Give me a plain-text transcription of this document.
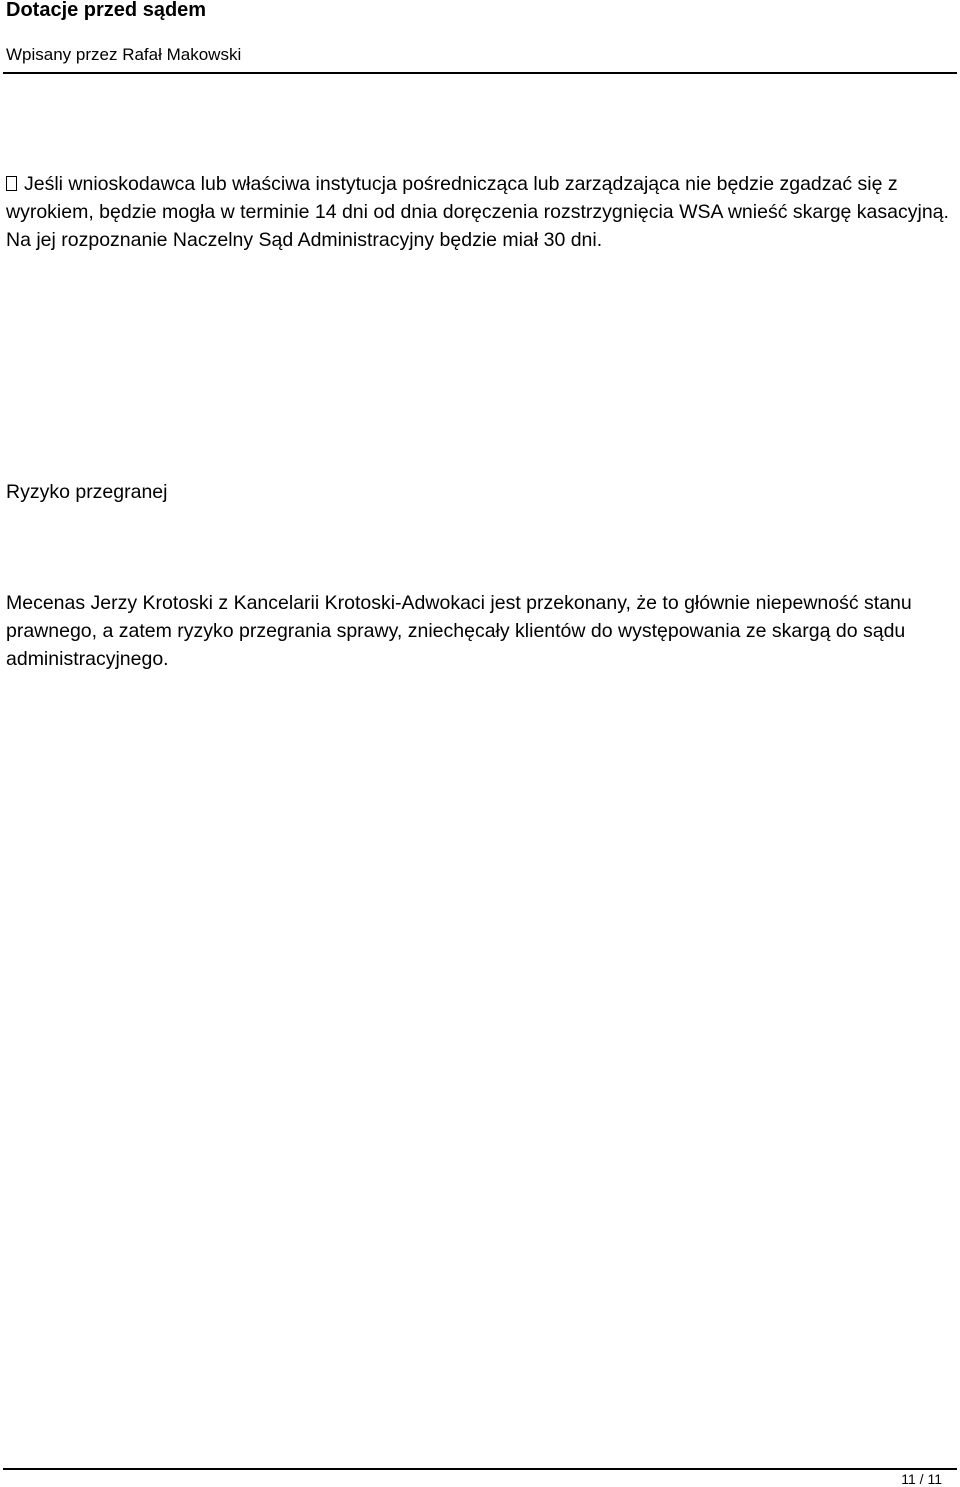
Dotacje przed sądem
Wpisany przez Rafał Makowski

Jeśli wnioskodawca lub właściwa instytucja pośrednicząca lub zarządzająca nie będzie zgadzać się z wyrokiem, będzie mogła w terminie 14 dni od dnia doręczenia rozstrzygnięcia WSA wnieść skargę kasacyjną. Na jej rozpoznanie Naczelny Sąd Administracyjny będzie miał 30 dni.

Ryzyko przegranej

Mecenas Jerzy Krotoski z Kancelarii Krotoski-Adwokaci jest przekonany, że to głównie niepewność stanu prawnego, a zatem ryzyko przegrania sprawy, zniechęcały klientów do występowania ze skargą do sądu administracyjnego.

11 / 11
